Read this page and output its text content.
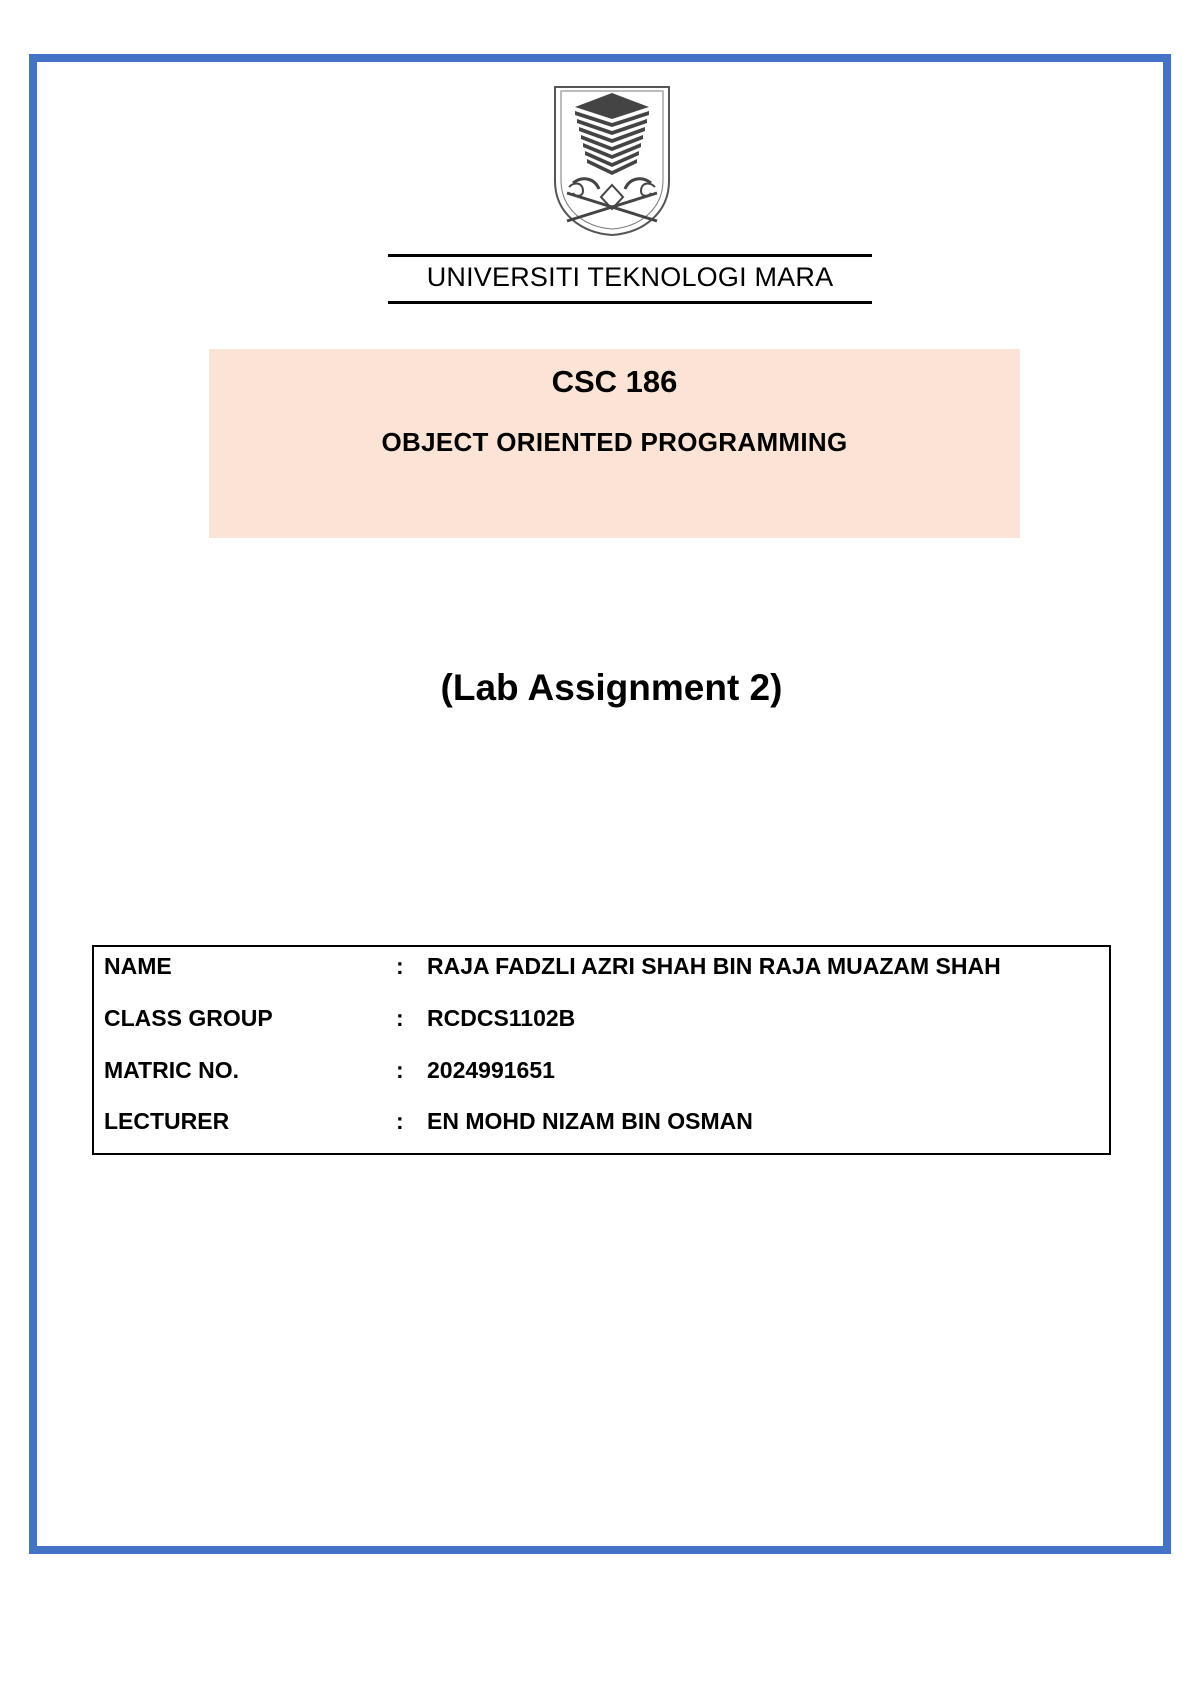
UNIVERSITI TEKNOLOGI MARA
CSC 186
OBJECT ORIENTED PROGRAMMING
(Lab Assignment 2)
NAME	: RAJA FADZLI AZRI SHAH BIN RAJA MUAZAM SHAH
CLASS GROUP	: RCDCS1102B
MATRIC NO.	: 2024991651
LECTURER	: EN MOHD NIZAM BIN OSMAN
